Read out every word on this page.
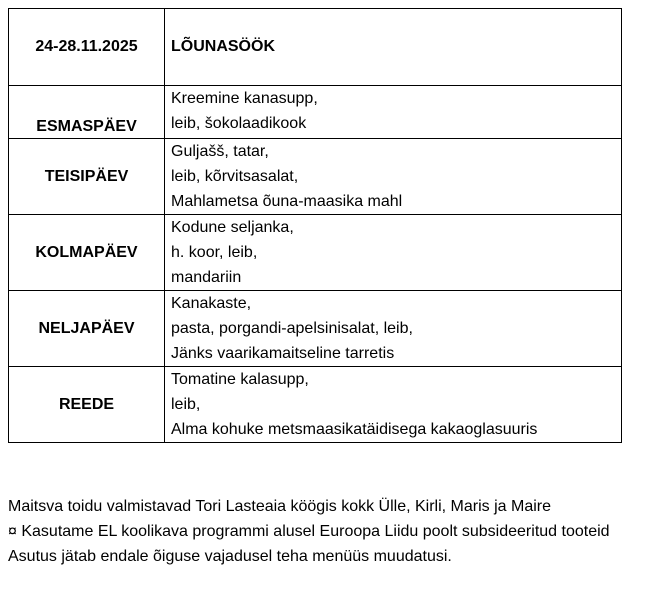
24-28.11.2025	LÕUNASÖÖK
ESMASPÄEV	Kreemine kanasupp,
leib, šokolaadikook

TEISIPÄEV	Guljašš, tatar,
leib, kõrvitsasalat,
Mahlametsa õuna-maasika mahl

KOLMAPÄEV	Kodune seljanka,
h. koor, leib,
mandariin

NELJAPÄEV	Kanakaste,
pasta, porgandi-apelsinisalat, leib,
Jänks vaarikamaitseline tarretis

REEDE	Tomatine kalasupp,
leib,
Alma kohuke metsmaasikatäidisega kakaoglasuuris
Maitsva toidu valmistavad Tori Lasteaia köögis kokk Ülle, Kirli, Maris ja Maire
¤ Kasutame EL koolikava programmi alusel Euroopa Liidu poolt subsideeritud tooteid
Asutus jätab endale õiguse vajadusel teha menüüs muudatusi.
